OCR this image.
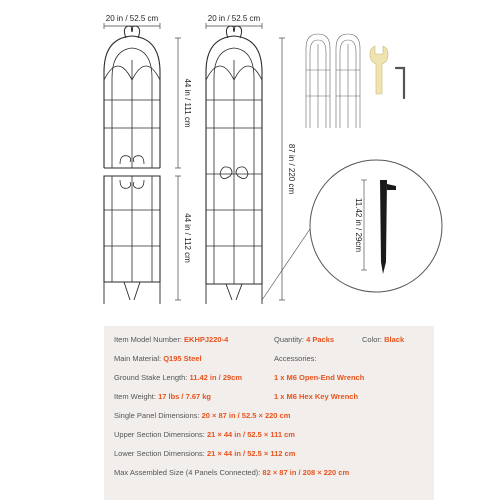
20 in / 52.5 cm	20 in / 52.5 cm
44 in / 111 cm
44 in / 112 cm
87 in / 220 cm
11.42 in / 29cm
Item Model Number: EKHPJ220-4	Quantity: 4 Packs	Color: Black
Main Material: Q195 Steel	Accessories:
Ground Stake Length: 11.42 in / 29cm	1 x M6 Open-End Wrench
Item Weight: 17 lbs / 7.67 kg	1 x M6 Hex Key Wrench
Single Panel Dimensions: 20 × 87 in / 52.5 × 220 cm
Upper Section Dimensions: 21 × 44 in / 52.5 × 111 cm
Lower Section Dimensions: 21 × 44 in / 52.5 × 112 cm
Max Assembled Size (4 Panels Connected): 82 × 87 in / 208 × 220 cm
